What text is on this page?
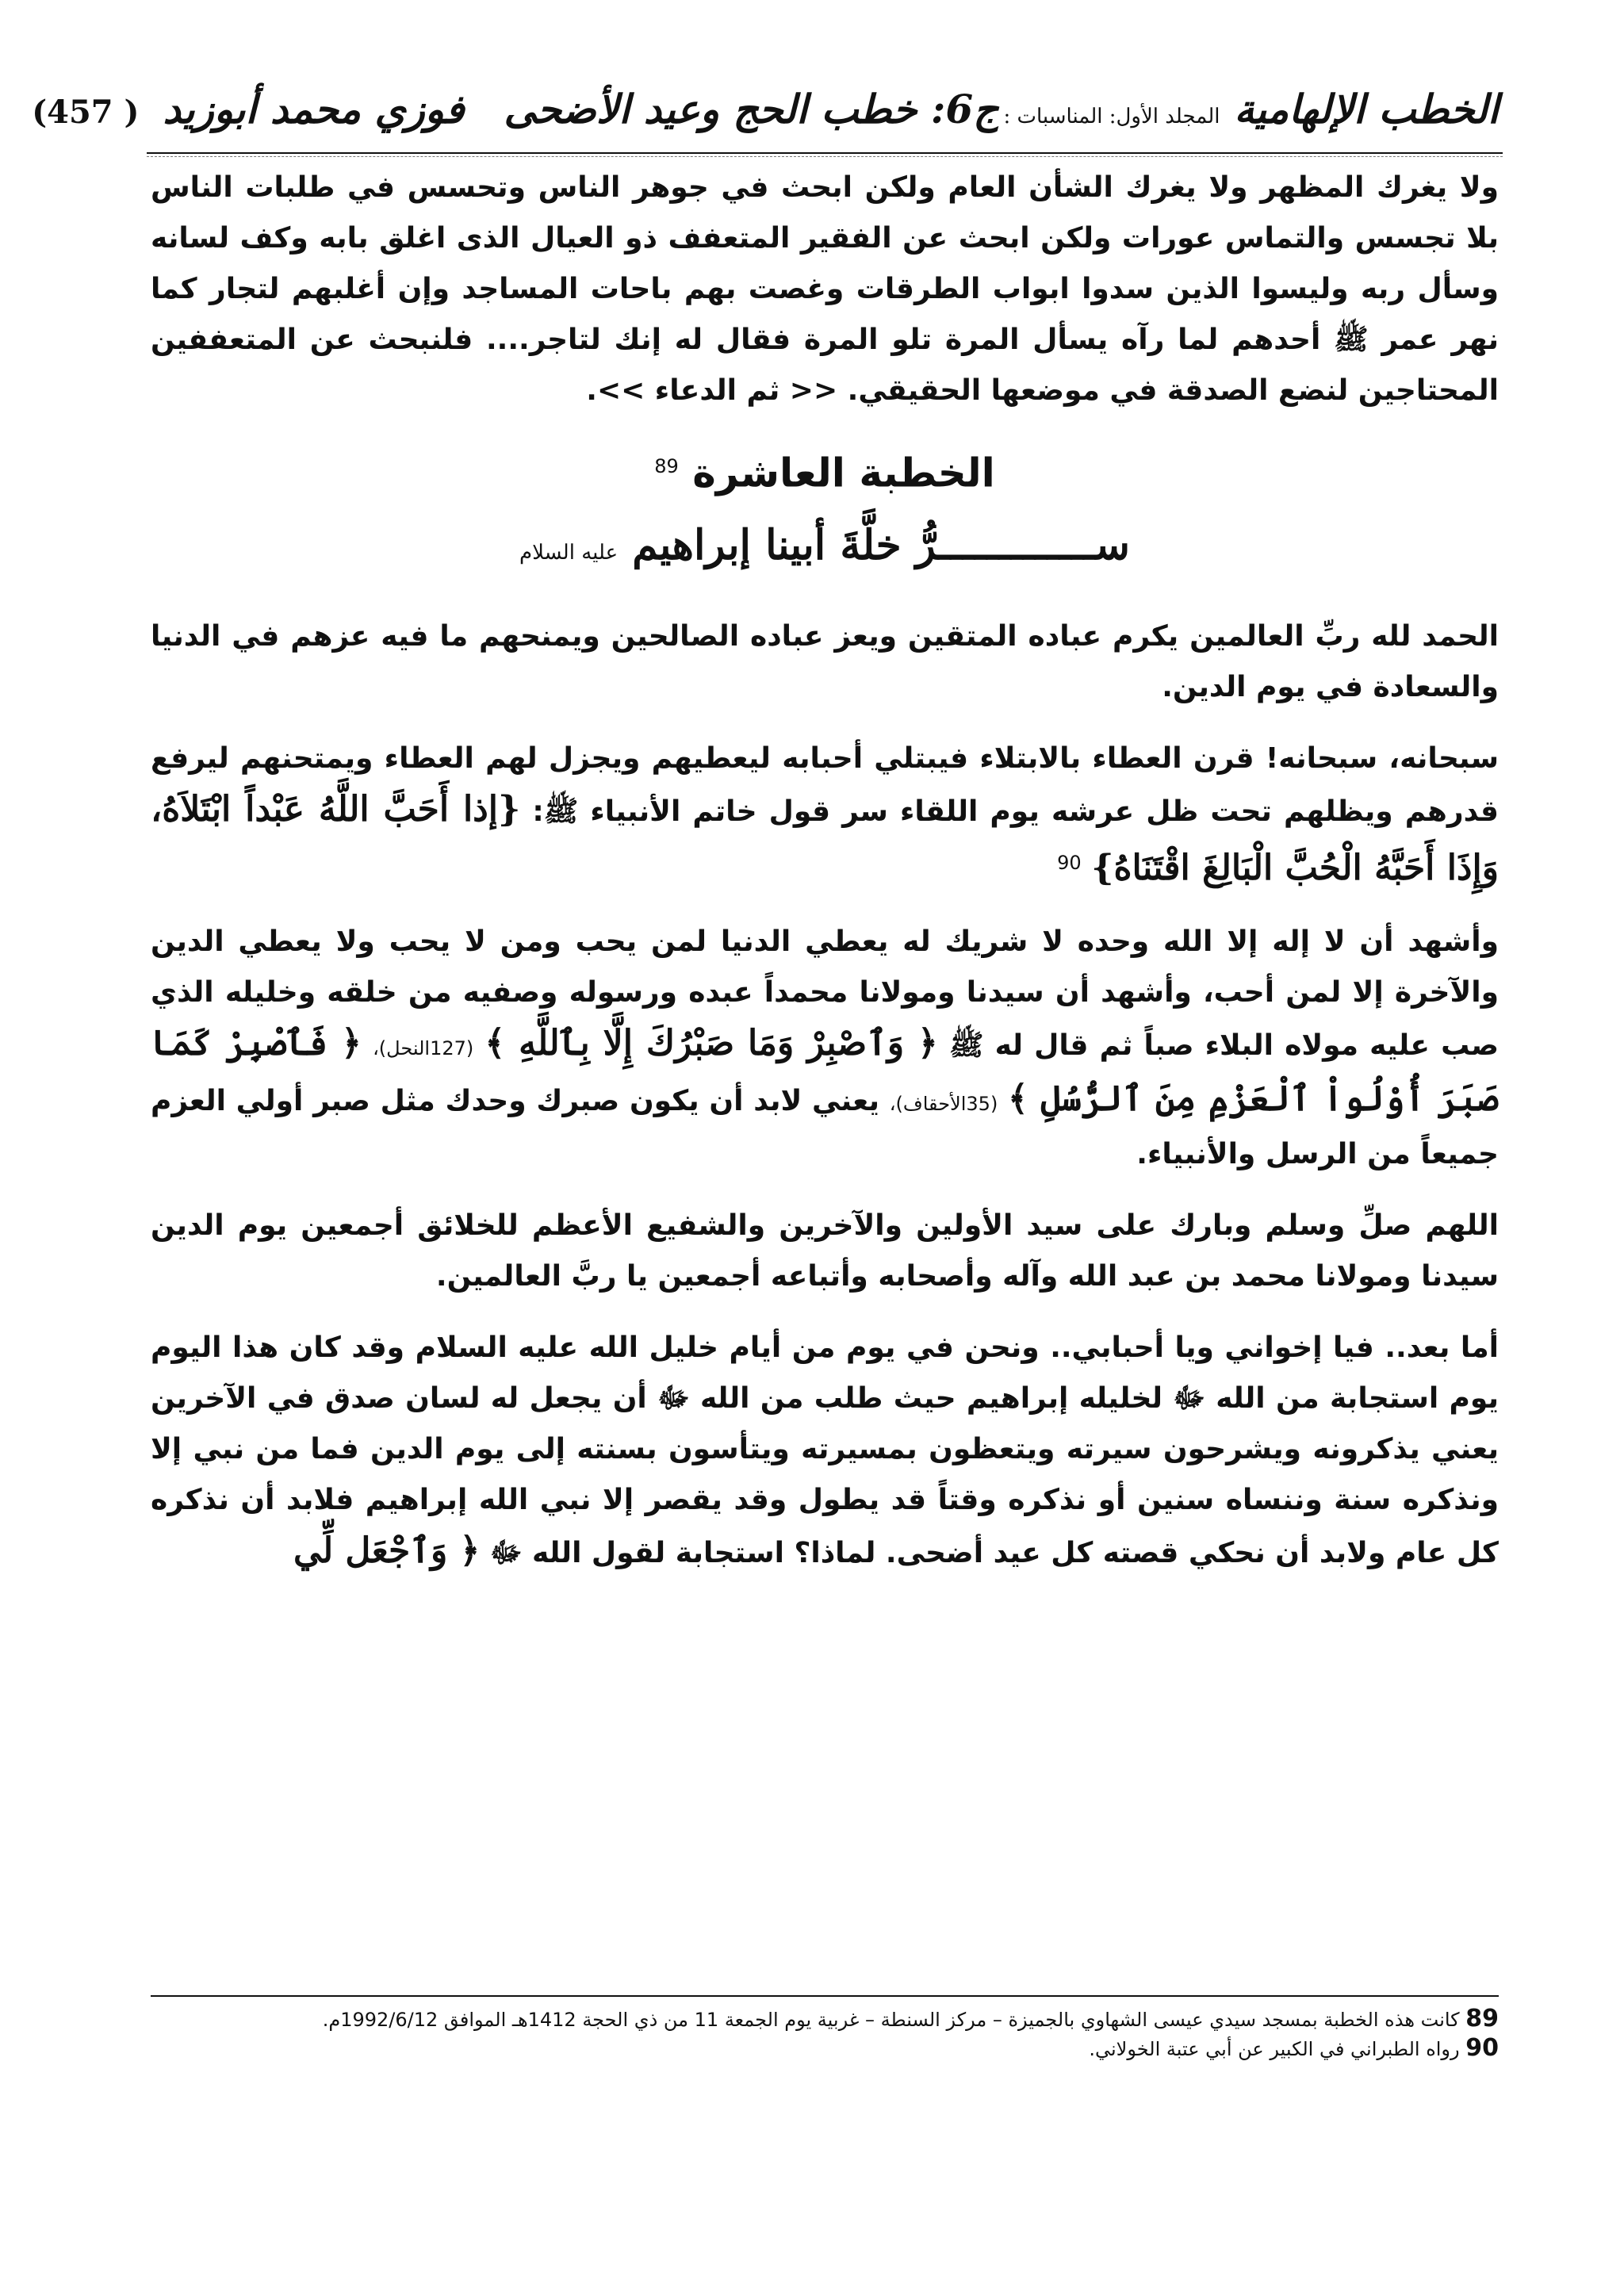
الخطب الإلهامية
المجلد الأول: المناسبات :
ج6: خطب الحج وعيد الأضحى
فوزي محمد أبوزيد
(457 )

ولا يغرك المظهر ولا يغرك الشأن العام ولكن ابحث في جوهر الناس وتحسس في طلبات الناس بلا تجسس والتماس عورات ولكن ابحث عن الفقير المتعفف ذو العيال الذى اغلق بابه وكف لسانه وسأل ربه وليسوا الذين سدوا ابواب الطرقات وغصت بهم باحات المساجد وإن أغلبهم لتجار كما نهر عمر ﷺ أحدهم لما رآه يسأل المرة تلو المرة فقال له إنك لتاجر.... فلنبحث عن المتعففين المحتاجين لنضع الصدقة في موضعها الحقيقي. << ثم الدعاء >>.

الخطبة العاشرة $^{89}$

ســـــــــــــرُّ خلَّةَ أبينا إبراهيم عليه السلام

الحمد لله ربِّ العالمين يكرم عباده المتقين ويعز عباده الصالحين ويمنحهم ما فيه عزهم في الدنيا والسعادة في يوم الدين.

سبحانه، سبحانه! قرن العطاء بالابتلاء فيبتلي أحبابه ليعطيهم ويجزل لهم العطاء ويمتحنهم ليرفع قدرهم ويظلهم تحت ظل عرشه يوم اللقاء سر قول خاتم الأنبياء ﷺ: {إذا أَحَبَّ اللَّهُ عَبْداً ابْتَلاَهُ، وَإِذَا أَحَبَّهُ الْحُبَّ الْبَالِغَ اقْتَنَاهُ} $^{90}$

وأشهد أن لا إله إلا الله وحده لا شريك له يعطي الدنيا لمن يحب ومن لا يحب ولا يعطي الدين والآخرة إلا لمن أحب، وأشهد أن سيدنا ومولانا محمداً عبده ورسوله وصفيه من خلقه وخليله الذي صب عليه مولاه البلاء صباً ثم قال له ﷺ ﴿ وَٱصْبِرْ وَمَا صَبْرُكَ إِلَّا بِٱللَّهِ ﴾ (127النحل)، ﴿ فَٱصْبِرْ كَمَا صَبَرَ أُوْلُواْ ٱلْعَزْمِ مِنَ ٱلرُّسُلِ ﴾ (35الأحقاف)، يعني لابد أن يكون صبرك وحدك مثل صبر أولي العزم جميعاً من الرسل والأنبياء.

اللهم صلِّ وسلم وبارك على سيد الأولين والآخرين والشفيع الأعظم للخلائق أجمعين يوم الدين سيدنا ومولانا محمد بن عبد الله وآله وأصحابه وأتباعه أجمعين يا ربَّ العالمين.

أما بعد.. فيا إخواني ويا أحبابي.. ونحن في يوم من أيام خليل الله عليه السلام وقد كان هذا اليوم يوم استجابة من الله ﷻ لخليله إبراهيم حيث طلب من الله ﷻ أن يجعل له لسان صدق في الآخرين يعني يذكرونه ويشرحون سيرته ويتعظون بمسيرته ويتأسون بسنته إلى يوم الدين فما من نبي إلا ونذكره سنة وننساه سنين أو نذكره وقتاً قد يطول وقد يقصر إلا نبي الله إبراهيم فلابد أن نذكره كل عام ولابد أن نحكي قصته كل عيد أضحى. لماذا؟ استجابة لقول الله ﷻ ﴿ وَٱجْعَل لِّي

89 كانت هذه الخطبة بمسجد سيدي عيسى الشهاوي بالجميزة – مركز السنطة – غربية يوم الجمعة 11 من ذي الحجة 1412هـ الموافق 1992/6/12م.

90 رواه الطبراني في الكبير عن أبي عتبة الخولاني.
